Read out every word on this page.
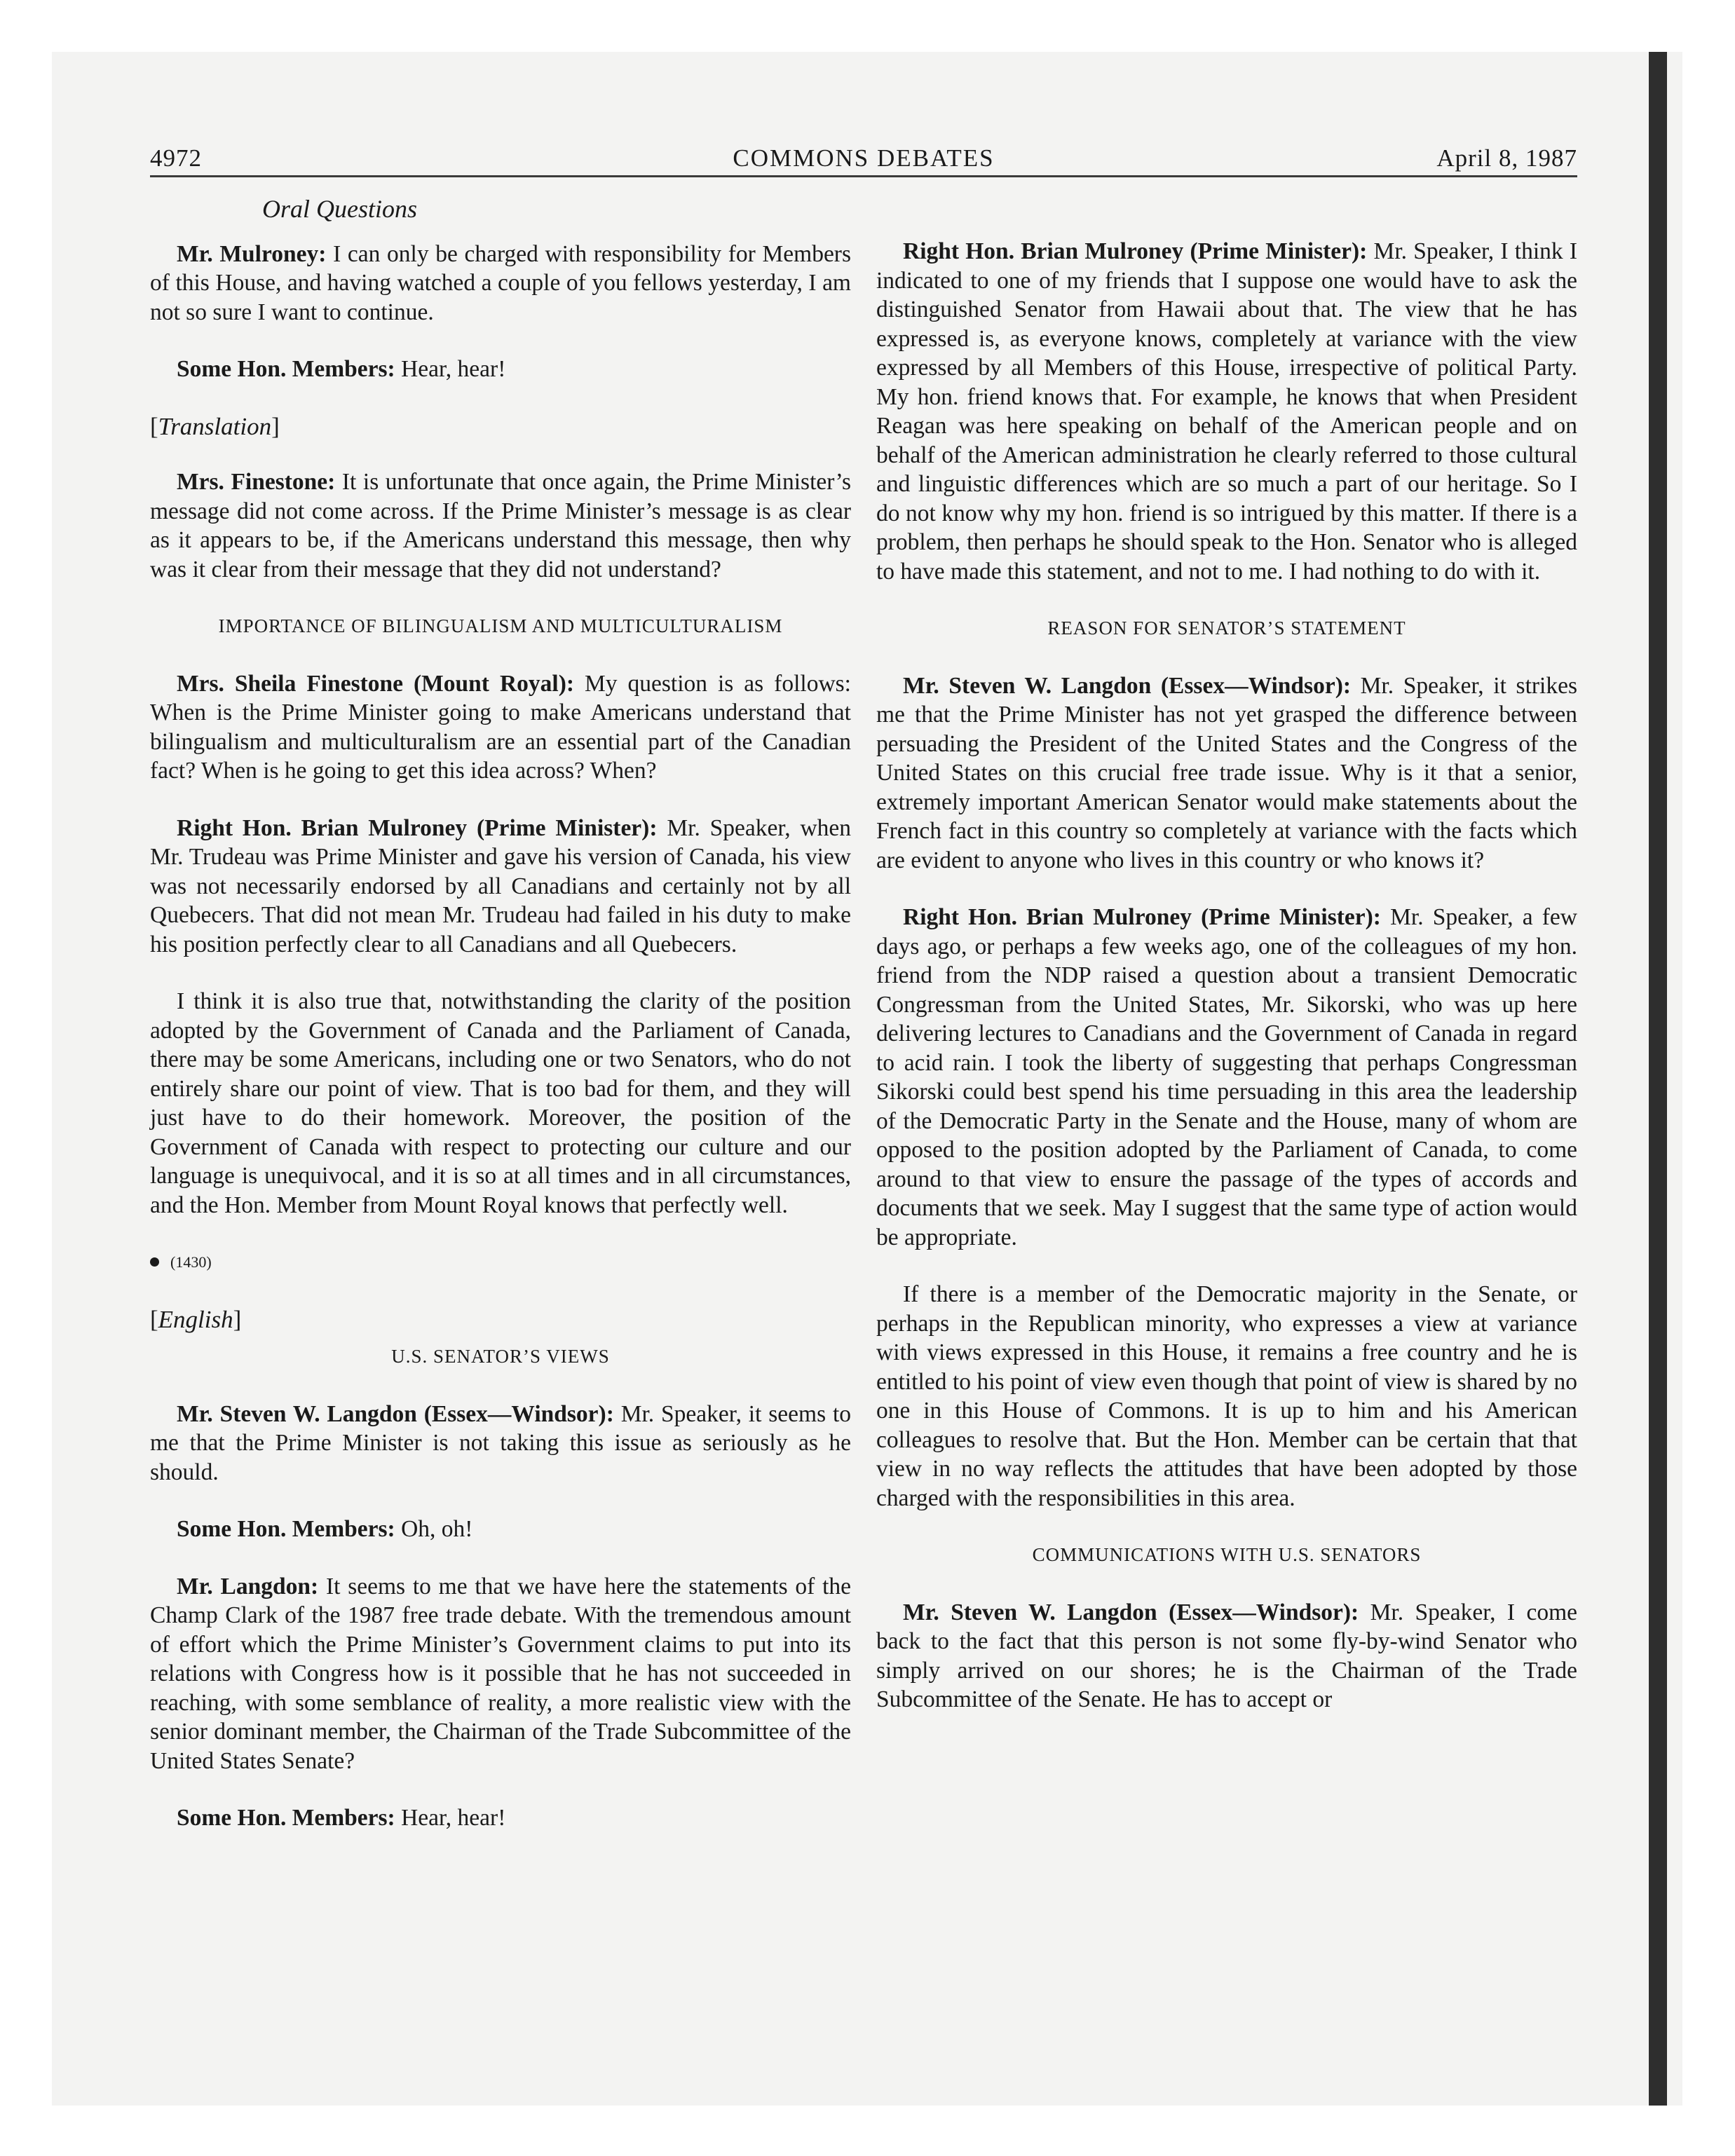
4972	COMMONS DEBATES	April 8, 1987
Oral Questions

Mr. Mulroney: I can only be charged with responsibility for Members of this House, and having watched a couple of you fellows yesterday, I am not so sure I want to continue.

Some Hon. Members: Hear, hear!

[Translation]

Mrs. Finestone: It is unfortunate that once again, the Prime Minister’s message did not come across. If the Prime Minister’s message is as clear as it appears to be, if the Americans understand this message, then why was it clear from their message that they did not understand?

IMPORTANCE OF BILINGUALISM AND MULTICULTURALISM

Mrs. Sheila Finestone (Mount Royal): My question is as follows: When is the Prime Minister going to make Americans understand that bilingualism and multiculturalism are an essential part of the Canadian fact? When is he going to get this idea across? When?

Right Hon. Brian Mulroney (Prime Minister): Mr. Speaker, when Mr. Trudeau was Prime Minister and gave his version of Canada, his view was not necessarily endorsed by all Canadians and certainly not by all Quebecers. That did not mean Mr. Trudeau had failed in his duty to make his position perfectly clear to all Canadians and all Quebecers.

I think it is also true that, notwithstanding the clarity of the position adopted by the Government of Canada and the Parliament of Canada, there may be some Americans, including one or two Senators, who do not entirely share our point of view. That is too bad for them, and they will just have to do their homework. Moreover, the position of the Government of Canada with respect to protecting our culture and our language is unequivocal, and it is so at all times and in all circumstances, and the Hon. Member from Mount Royal knows that perfectly well.

(1430)
[English]
U.S. SENATOR’S VIEWS

Mr. Steven W. Langdon (Essex—Windsor): Mr. Speaker, it seems to me that the Prime Minister is not taking this issue as seriously as he should.

Some Hon. Members: Oh, oh!

Mr. Langdon: It seems to me that we have here the statements of the Champ Clark of the 1987 free trade debate. With the tremendous amount of effort which the Prime Minister’s Government claims to put into its relations with Congress how is it possible that he has not succeeded in reaching, with some semblance of reality, a more realistic view with the senior dominant member, the Chairman of the Trade Subcommittee of the United States Senate?

Some Hon. Members: Hear, hear!

Right Hon. Brian Mulroney (Prime Minister): Mr. Speaker, I think I indicated to one of my friends that I suppose one would have to ask the distinguished Senator from Hawaii about that. The view that he has expressed is, as everyone knows, completely at variance with the view expressed by all Members of this House, irrespective of political Party. My hon. friend knows that. For example, he knows that when President Reagan was here speaking on behalf of the American people and on behalf of the American administration he clearly referred to those cultural and linguistic differences which are so much a part of our heritage. So I do not know why my hon. friend is so intrigued by this matter. If there is a problem, then perhaps he should speak to the Hon. Senator who is alleged to have made this statement, and not to me. I had nothing to do with it.

REASON FOR SENATOR’S STATEMENT

Mr. Steven W. Langdon (Essex—Windsor): Mr. Speaker, it strikes me that the Prime Minister has not yet grasped the difference between persuading the President of the United States and the Congress of the United States on this crucial free trade issue. Why is it that a senior, extremely important American Senator would make statements about the French fact in this country so completely at variance with the facts which are evident to anyone who lives in this country or who knows it?

Right Hon. Brian Mulroney (Prime Minister): Mr. Speaker, a few days ago, or perhaps a few weeks ago, one of the colleagues of my hon. friend from the NDP raised a question about a transient Democratic Congressman from the United States, Mr. Sikorski, who was up here delivering lectures to Canadians and the Government of Canada in regard to acid rain. I took the liberty of suggesting that perhaps Congressman Sikorski could best spend his time persuading in this area the leadership of the Democratic Party in the Senate and the House, many of whom are opposed to the position adopted by the Parliament of Canada, to come around to that view to ensure the passage of the types of accords and documents that we seek. May I suggest that the same type of action would be appropriate.

If there is a member of the Democratic majority in the Senate, or perhaps in the Republican minority, who expresses a view at variance with views expressed in this House, it remains a free country and he is entitled to his point of view even though that point of view is shared by no one in this House of Commons. It is up to him and his American colleagues to resolve that. But the Hon. Member can be certain that that view in no way reflects the attitudes that have been adopted by those charged with the responsibilities in this area.

COMMUNICATIONS WITH U.S. SENATORS

Mr. Steven W. Langdon (Essex—Windsor): Mr. Speaker, I come back to the fact that this person is not some fly-by-wind Senator who simply arrived on our shores; he is the Chairman of the Trade Subcommittee of the Senate. He has to accept or
